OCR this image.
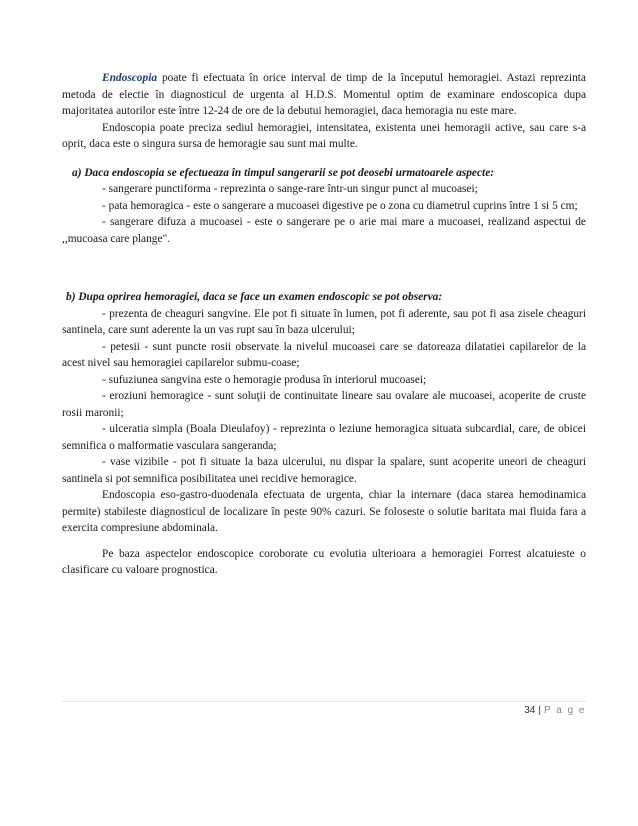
Endoscopia poate fi efectuata în orice interval de timp de la începutul hemoragiei. Astazi reprezinta metoda de electie în diagnosticul de urgenta al H.D.S. Momentul optim de examinare endoscopica dupa majoritatea autorilor este între 12-24 de ore de la debutui hemoragiei, daca hemoragia nu este mare.

Endoscopia poate preciza sediul hemoragiei, intensitatea, existenta unei hemoragii active, sau care s-a oprit, daca este o singura sursa de hemoragie sau sunt mai multe.

a) Daca endoscopia se efectueaza în timpul sangerarii se pot deosebi urmatoarele aspecte:

- sangerare punctiforma - reprezinta o sange-rare într-un singur punct al mucoasei;

- pata hemoragica - este o sangerare a mucoasei digestive pe o zona cu diametrul cuprins între 1 si 5 cm;

- sangerare difuza a mucoasei - este o sangerare pe o arie mai mare a mucoasei, realizand aspectui de ,,mucoasa care plange".

b) Dupa oprirea hemoragiei, daca se face un examen endoscopic se pot observa:

- prezenta de cheaguri sangvine. Ele pot fi situate în lumen, pot fi aderente, sau pot fi asa zisele cheaguri santinela, care sunt aderente la un vas rupt sau în baza ulcerului;

- petesii - sunt puncte rosii observate la nivelul mucoasei care se datoreaza dilatatiei capilarelor de la acest nivel sau hemoragiei capilarelor submu-coase;

- sufuziunea sangvina este o hemoragie produsa în interiorul mucoasei;

- eroziuni hemoragice - sunt soluţii de continuitate lineare sau ovalare ale mucoasei, acoperite de cruste rosii maronii;

- ulceratia simpla (Boala Dieulafoy) - reprezinta o leziune hemoragica situata subcardial, care, de obicei semnifica o malformatie vasculara sangeranda;

- vase vizibile - pot fi situate la baza ulcerului, nu dispar la spalare, sunt acoperite uneori de cheaguri santinela si pot semnifica posibilitatea unei recidive hemoragice.

Endoscopia eso-gastro-duodenala efectuata de urgenta, chiar la internare (daca starea hemodinamica permite) stabileste diagnosticul de localizare în peste 90% cazuri. Se foloseste o solutie baritata mai fluida fara a exercita compresiune abdominala.

Pe baza aspectelor endoscopice coroborate cu evolutia ulterioara a hemoragiei Forrest alcatuieste o clasificare cu valoare prognostica.

34 | P a g e
